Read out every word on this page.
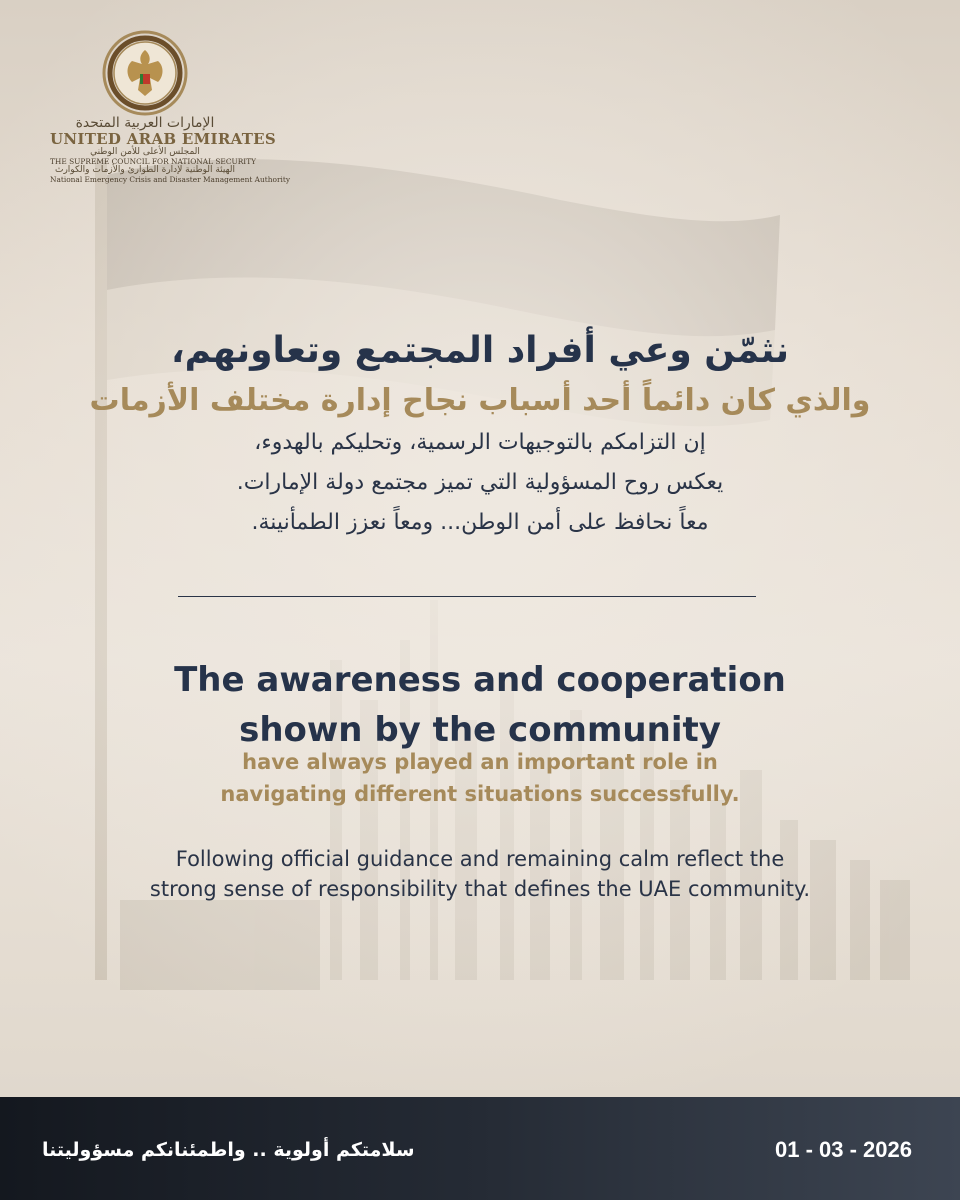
الإمارات العربية المتحدة

UNITED ARAB EMIRATES

المجلس الأعلى للأمن الوطني

THE SUPREME COUNCIL FOR NATIONAL SECURITY

الهيئة الوطنية لإدارة الطوارئ والأزمات والكوارث

National Emergency Crisis and Disaster Management Authority

نثمّن وعي أفراد المجتمع وتعاونهم،
والذي كان دائماً أحد أسباب نجاح إدارة مختلف الأزمات
إن التزامكم بالتوجيهات الرسمية، وتحليكم بالهدوء،
يعكس روح المسؤولية التي تميز مجتمع دولة الإمارات.
معاً نحافظ على أمن الوطن... ومعاً نعزز الطمأنينة.
The awareness and cooperation
shown by the community
have always played an important role in
navigating different situations successfully.
Following official guidance and remaining calm reflect the
strong sense of responsibility that defines the UAE community.
سلامتكم أولوية .. واطمئنانكم مسؤوليتنا	01 - 03 - 2026
